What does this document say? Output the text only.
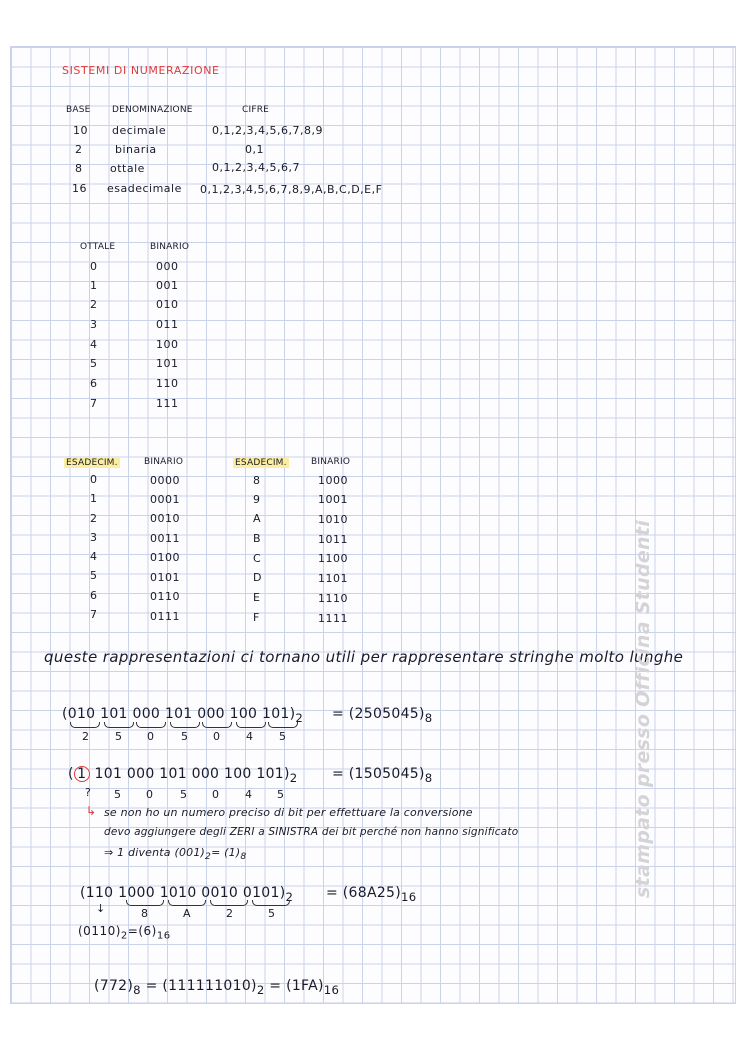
SISTEMI DI NUMERAZIONE
BASE DENOMINAZIONE	CIFRE
10 decimale	0,1,2,3,4,5,6,7,8,9
2	binaria	0,1
8	ottale	0,1,2,3,4,5,6,7
16 esadecimale 0,1,2,3,4,5,6,7,8,9,A,B,C,D,E,F
OTTALE	BINARIO
0	000
1	001
2	010
3	011
4	100
5	101
6	110
7	111
ESADECIM.	BINARIO	ESADECIM.	BINARIO
0	0000	8	1000
1	0001	9	1001
2	0010	A	1010
3	0011	B	1011
4	0100	C	1100
5	0101	D	1101
6	0110	E	1110
7	0111	F	1111
queste rappresentazioni ci tornano utili per rappresentare stringhe molto lunghe
(010 101 000 101 000 100 $101)_2 = (2505045)_8$
2 5 0 5 0 4 5
( 1 101 000 101 000 100 $101)_2 = (1505045)_8$
? 5 0 5 0 4 5
↳ se non ho un numero preciso di bit per effettuare la conversione
devo aggiungere degli ZERI a SINISTRA dei bit perché non hanno significato
⇒ 1 diventa $(001)_2= (1)_8$
(110 1000 1010 0010 $0101)_2 = (68A25)_{16}$
↓	8	A	2	5
$(0110)_2=(6)_{16}$
$(772)_8 = (111111010)_2 = (1FA)_{16}$
stampato presso Officina Studenti
